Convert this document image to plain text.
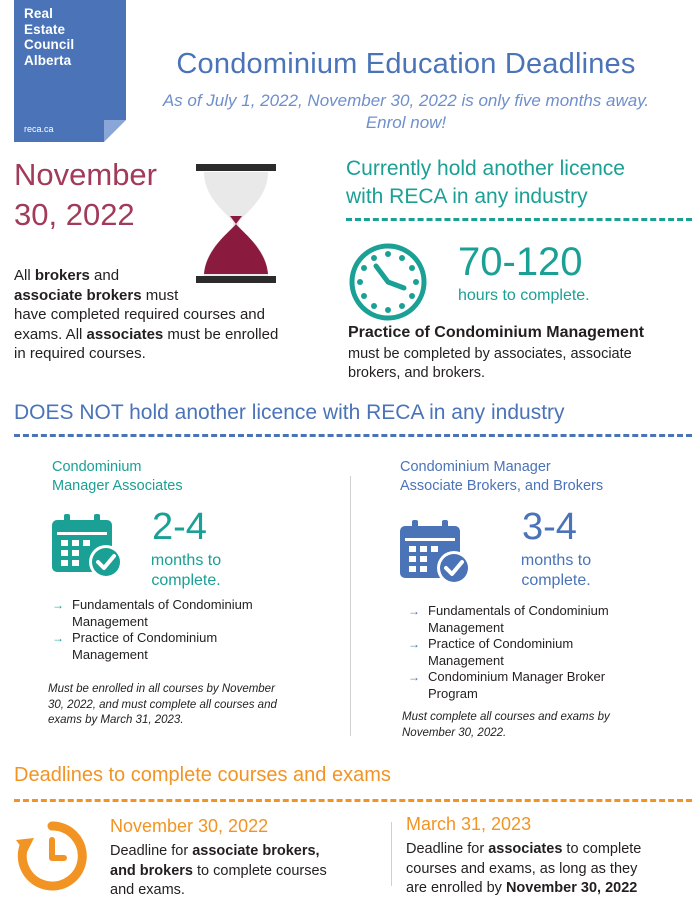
Real
Estate
Council
Alberta
reca.ca
Condominium Education Deadlines
As of July 1, 2022, November 30, 2022 is only five months away.
Enrol now!
November
30, 2022
All brokers and
associate brokers must
have completed required courses and
exams. All associates must be enrolled
in required courses.
Currently hold another licence
with RECA in any industry
70-120
hours to complete.
Practice of Condominium Management
must be completed by associates, associate
brokers, and brokers.
DOES NOT hold another licence with RECA in any industry
Condominium
Manager Associates
2-4
months to
complete.
→ Fundamentals of Condominium
Management
→ Practice of Condominium
Management
Must be enrolled in all courses by November
30, 2022, and must complete all courses and
exams by March 31, 2023.
Condominium Manager
Associate Brokers, and Brokers
3-4
months to
complete.
→ Fundamentals of Condominium
Management
→ Practice of Condominium
Management
→ Condominium Manager Broker
Program
Must complete all courses and exams by
November 30, 2022.
Deadlines to complete courses and exams
November 30, 2022
Deadline for associate brokers,
and brokers to complete courses
and exams.
March 31, 2023
Deadline for associates to complete
courses and exams, as long as they
are enrolled by November 30, 2022
